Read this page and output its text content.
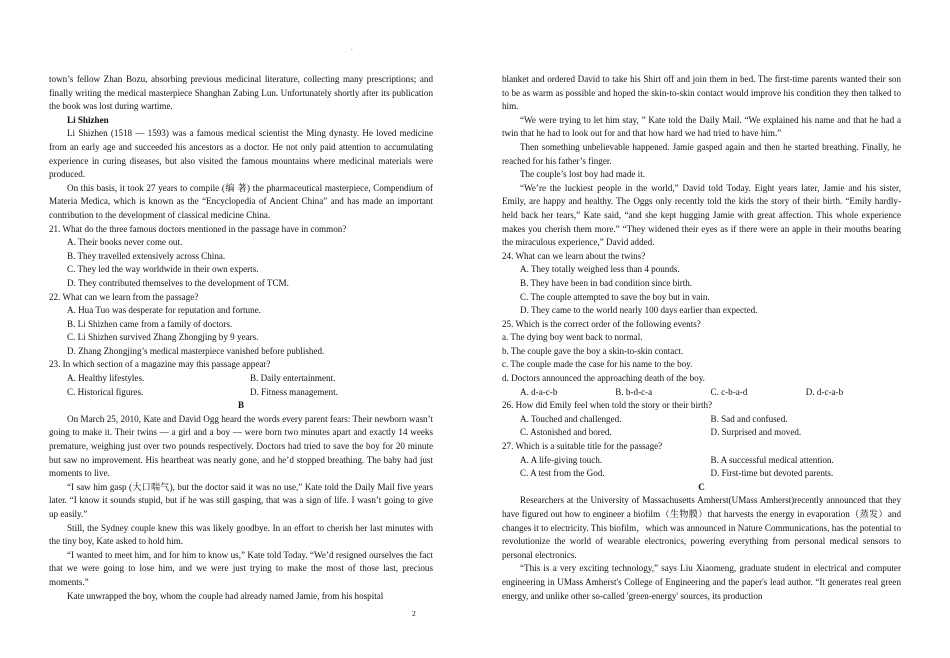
.
town’s fellow Zhan Bozu, absorbing previous medicinal literature, collecting many prescriptions; and finally writing the medical masterpiece Shanghan Zabing Lun. Unfortunately shortly after its publication the book was lost during wartime.
Li Shizhen
Li Shizhen (1518 — 1593) was a famous medical scientist the Ming dynasty. He loved medicine from an early age and succeeded his ancestors as a doctor. He not only paid attention to accumulating experience in curing diseases, but also visited the famous mountains where medicinal materials were produced.
On this basis, it took 27 years to compile (编 著) the pharmaceutical masterpiece, Compendium of Materia Medica, which is known as the “Encyclopedia of Ancient China” and has made an important contribution to the development of classical medicine China.
21. What do the three famous doctors mentioned in the passage have in common?
A. Their books never come out.
B. They travelled extensively across China.
C. They led the way worldwide in their own experts.
D. They contributed themselves to the development of TCM.
22. What can we learn from the passage?
A. Hua Tuo was desperate for reputation and fortune.
B. Li Shizhen came from a family of doctors.
C. Li Shizhen survived Zhang Zhongjing by 9 years.
D. Zhang Zhongjing’s medical masterpiece vanished before published.
23. In which section of a magazine may this passage appear?
A. Healthy lifestyles.	B. Daily entertainment.
C. Historical figures.	D. Fitness management.
B
On March 25, 2010, Kate and David Ogg heard the words every parent fears: Their newborn wasn’t going to make it. Their twins — a girl and a boy — were born two minutes apart and exactly 14 weeks premature, weighing just over two pounds respectively. Doctors had tried to save the boy for 20 minute but saw no improvement. His heartbeat was nearly gone, and he’d stopped breathing. The baby had just moments to live.
“I saw him gasp (大口喘气), but the doctor said it was no use,” Kate told the Daily Mail five years later. “I know it sounds stupid, but if he was still gasping, that was a sign of life. I wasn’t going to give up easily.”
Still, the Sydney couple knew this was likely goodbye. In an effort to cherish her last minutes with the tiny boy, Kate asked to hold him.
“I wanted to meet him, and for him to know us,” Kate told Today. “We’d resigned ourselves the fact that we were going to lose him, and we were just trying to make the most of those last, precious moments.”
Kate unwrapped the boy, whom the couple had already named Jamie, from his hospital
blanket and ordered David to take his Shirt off and join them in bed. The first-time parents wanted their son to be as warm as possible and hoped the skin-to-skin contact would improve his condition they then talked to him.
“We were trying to let him stay, ” Kate told the Daily Mail. “We explained his name and that he had a twin that he had to look out for and that how hard we had tried to have him.”
Then something unbelievable happened. Jamie gasped again and then he started breathing. Finally, he reached for his father’s finger.
The couple’s lost boy had made it.
“We’re the luckiest people in the world,” David told Today. Eight years later, Jamie and his sister, Emily, are happy and healthy. The Oggs only recently told the kids the story of their birth. “Emily hardly-held back her tears,” Kate said, “and she kept hugging Jamie with great affection. This whole experience makes you cherish them more.” “They widened their eyes as if there were an apple in their mouths bearing the miraculous experience,” David added.
24. What can we learn about the twins?
A. They totally weighed less than 4 pounds.
B. They have been in bad condition since birth.
C. The couple attempted to save the boy but in vain.
D. They came to the world nearly 100 days earlier than expected.
25. Which is the correct order of the following events?
a. The dying boy went back to normal.
b. The couple gave the boy a skin-to-skin contact.
c. The couple made the case for his name to the boy.
d. Doctors announced the approaching death of the boy.
A. d-a-c-b	B. b-d-c-a	C. c-b-a-d	D. d-c-a-b
26. How did Emily feel when told the story or their birth?
A. Touched and challenged.	B. Sad and confused.
C. Astonished and bored.	D. Surprised and moved.
27. Which is a suitable title for the passage?
A. A life-giving touch.	B. A successful medical attention.
C. A test from the God.	D. First-time but devoted parents.
C
Researchers at the University of Massachusetts Amherst(UMass Amherst)recently announced that they have figured out how to engineer a biofilm（生物膜）that harvests the energy in evaporation（蒸发）and changes it to electricity. This biofilm，which was announced in Nature Communications, has the potential to revolutionize the world of wearable electronics, powering everything from personal medical sensors to personal electronics.
“This is a very exciting technology,” says Liu Xiaomeng, graduate student in electrical and computer engineering in UMass Amherst's College of Engineering and the paper's lead author. “It generates real green energy, and unlike other so-called 'green-energy' sources, its production
2
